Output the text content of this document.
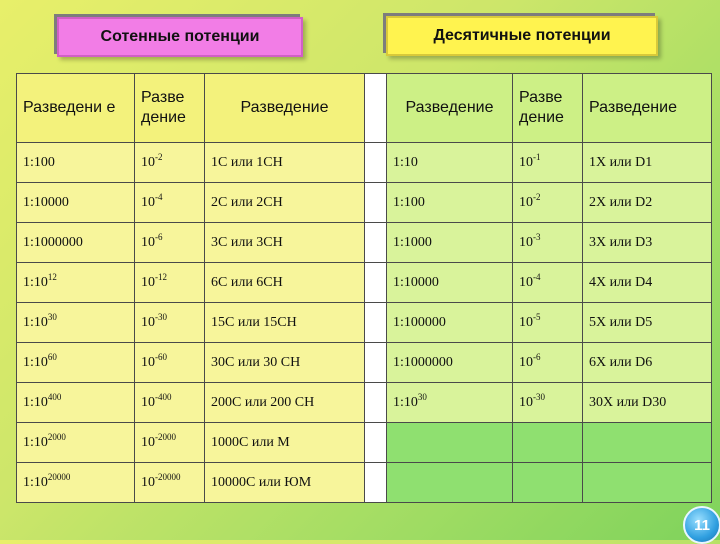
Сотенные потенции	Десятичные потенции
Разведени е	Разве дение	Разведение		Разведение	Разве дение	Разведение
1:100	$10^{-2}$	1С или 1СН		1:10	$10^{-1}$	1Х или D1
1:10000	$10^{-4}$	2С или 2СН		1:100	$10^{-2}$	2Х или D2
1:1000000	$10^{-6}$	3С или 3СН		1:1000	$10^{-3}$	3Х или D3
$1:10^{12}$	$10^{-12}$	6С или 6СН		1:10000	$10^{-4}$	4Х или D4
$1:10^{30}$	$10^{-30}$	15С или 15СН		1:100000	$10^{-5}$	5Х или D5
$1:10^{60}$	$10^{-60}$	30С или 30 СН		1:1000000	$10^{-6}$	6Х или D6
$1:10^{400}$	$10^{-400}$	200С или 200 СН		$1:10^{30}$	$10^{-30}$	30Х или D30
$1:10^{2000}$	$10^{-2000}$	1000С или М				
$1:10^{20000}$	$10^{-20000}$	10000С или ЮМ				
11
